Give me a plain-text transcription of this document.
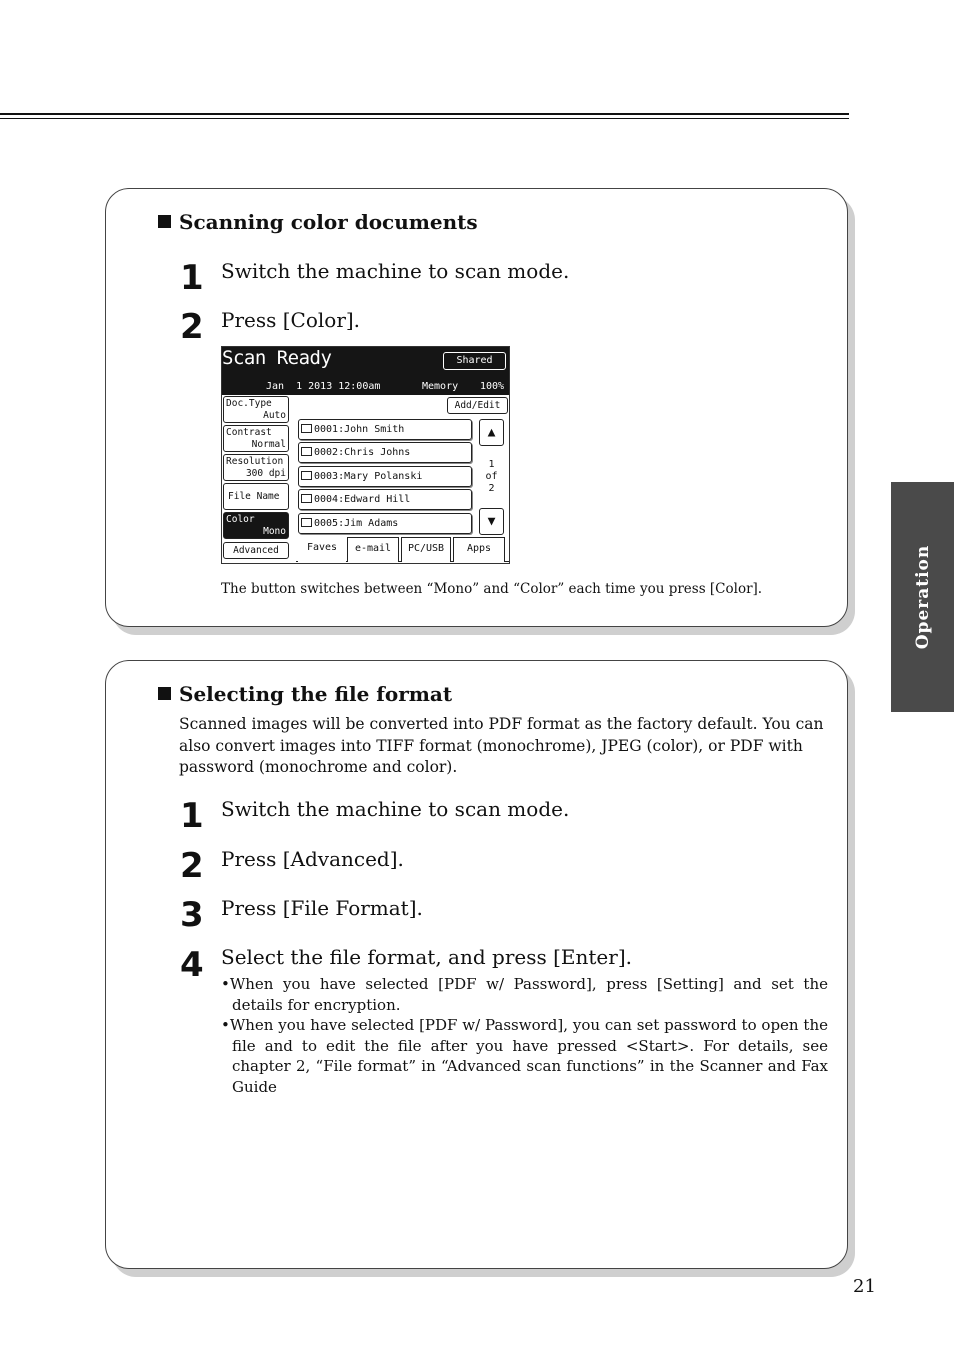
Operation
Scanning color documents
1 Switch the machine to scan mode.
2 Press [Color].
Scan Ready	Shared
Jan  1 2013 12:00am	Memory 100%
Doc.Type
Auto
Contrast
Normal
Resolution
300 dpi
File Name
Color
Mono
Advanced
Add/Edit
0001:John Smith
0002:Chris Johns
0003:Mary Polanski
0004:Edward Hill
0005:Jim Adams
▲
1
of
2
▼
Faves	e-mail	PC/USB	Apps
The button switches between “Mono” and “Color” each time you press [Color].
Selecting the file format
Scanned images will be converted into PDF format as the factory default. You can also convert images into TIFF format (monochrome), JPEG (color), or PDF with password (monochrome and color).
1 Switch the machine to scan mode.
2 Press [Advanced].
3 Press [File Format].
4 Select the file format, and press [Enter].

•When you have selected [PDF w/ Password], press [Setting] and set the details for encryption.

•When you have selected [PDF w/ Password], you can set password to open the file and to edit the file after you have pressed <Start>. For details, see chapter 2, “File format” in “Advanced scan functions” in the Scanner and Fax Guide

21
